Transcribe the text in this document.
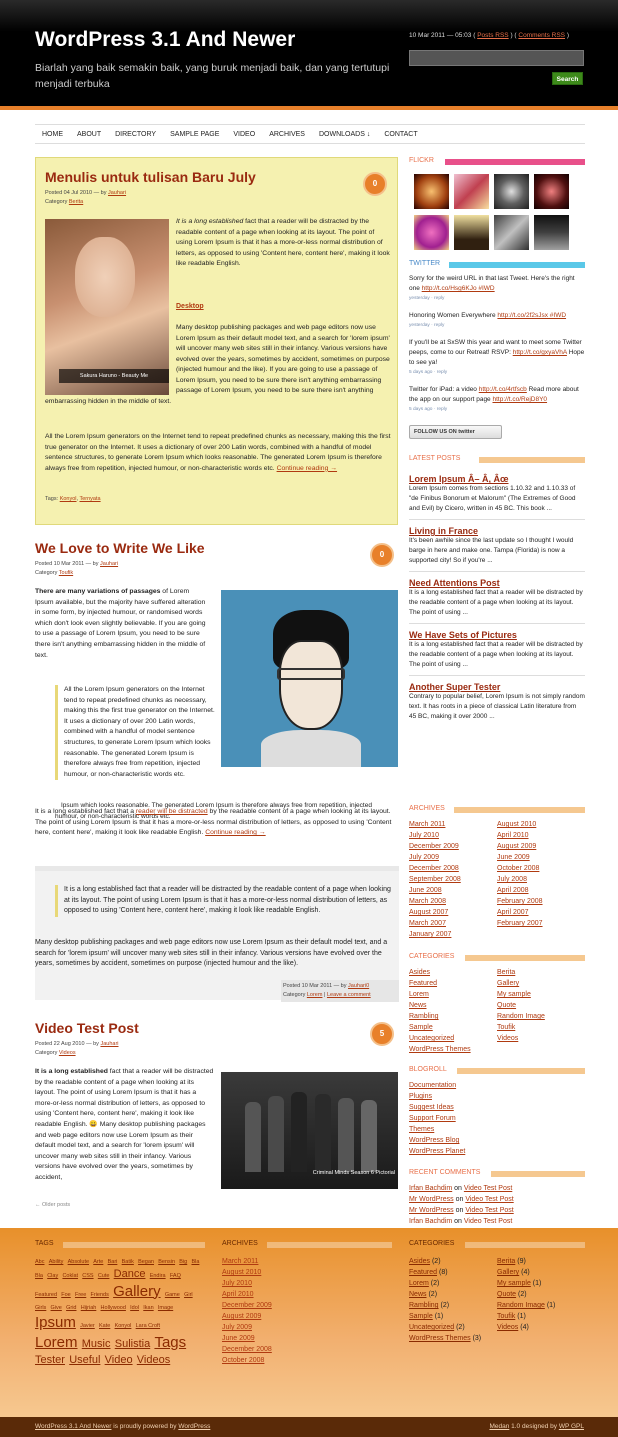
WordPress 3.1 And Newer
Biarlah yang baik semakin baik, yang buruk menjadi baik, dan yang tertutupi menjadi terbuka
10 Mar 2011 — 05:03 ( Posts RSS ) ( Comments RSS )
Search
HOME ABOUT DIRECTORY SAMPLE PAGE VIDEO ARCHIVES DOWNLOADS ↓ CONTACT
Menulis untuk tulisan Baru July	0
Posted 04 Jul 2010 — by Jauhari
Category Berita
Sakura Haruno - Beauty Me
It is a long established fact that a reader will be distracted by the readable content of a page when looking at its layout. The point of using Lorem Ipsum is that it has a more-or-less normal distribution of letters, as opposed to using 'Content here, content here', making it look like readable English.
Desktop
Many desktop publishing packages and web page editors now use Lorem Ipsum as their default model text, and a search for 'lorem ipsum' will uncover many web sites still in their infancy. Various versions have evolved over the years, sometimes by accident, sometimes on purpose (injected humour and the like). If you are going to use a passage of Lorem Ipsum, you need to be sure there isn't anything embarrassing
passage of Lorem Ipsum, you need to be sure there isn't anything embarrassing hidden in the middle of text.
All the Lorem Ipsum generators on the Internet tend to repeat predefined chunks as necessary, making this the first true generator on the Internet. It uses a dictionary of over 200 Latin words, combined with a handful of model sentence structures, to generate Lorem Ipsum which looks reasonable. The generated Lorem Ipsum is therefore always free from repetition, injected humour, or non-characteristic words etc. Continue reading →
Tags: Konyol, Ternyata
We Love to Write We Like	0
Posted 10 Mar 2011 — by Jauhari
Category Toufik
There are many variations of passages of Lorem Ipsum available, but the majority have suffered alteration in some form, by injected humour, or randomised words which don't look even slightly believable. If you are going to use a passage of Lorem Ipsum, you need to be sure there isn't anything embarrassing hidden in the middle of text.
All the Lorem Ipsum generators on the Internet tend to repeat predefined chunks as necessary, making this the first true generator on the Internet. It uses a dictionary of over 200 Latin words, combined with a handful of model sentence structures, to generate Lorem Ipsum which looks reasonable. The generated Lorem Ipsum is therefore always free from repetition, injected humour, or non-characteristic words etc.
Ipsum which looks reasonable. The generated Lorem Ipsum is therefore always free from repetition, injected humour, or non-characteristic words etc.
It is a long established fact that a reader will be distracted by the readable content of a page when looking at its layout. The point of using Lorem Ipsum is that it has a more-or-less normal distribution of letters, as opposed to using 'Content here, content here', making it look like readable English. Continue reading →
It is a long established fact that a reader will be distracted by the readable content of a page when looking at its layout. The point of using Lorem Ipsum is that it has a more-or-less normal distribution of letters, as opposed to using 'Content here, content here', making it look like readable English.
Many desktop publishing packages and web page editors now use Lorem Ipsum as their default model text, and a search for 'lorem ipsum' will uncover many web sites still in their infancy. Various versions have evolved over the years, sometimes by accident, sometimes on purpose (injected humour and the like).
Posted 10 Mar 2011 — by Jauhari0
Category Lorem | Leave a comment
Video Test Post	5
Posted 22 Aug 2010 — by Jauhari
Category Videos
It is a long established fact that a reader will be distracted by the readable content of a page when looking at its layout. The point of using Lorem Ipsum is that it has a more-or-less normal distribution of letters, as opposed to using 'Content here, content here', making it look like readable English. 😀 Many desktop publishing packages and web page editors now use Lorem Ipsum as their default model text, and a search for 'lorem ipsum' will uncover many web sites still in their infancy. Various versions have evolved over the years, sometimes by accident,
Criminal Minds Season 6 Pictorial
← Older posts
FLICKR
TWITTER
Sorry for the weird URL in that last Tweet. Here's the right one http://t.co/Hsg6KJo #IWD
yesterday · reply
Honoring Women Everywhere http://t.co/2f2sJsx #IWD
yesterday · reply
If you'll be at SxSW this year and want to meet some Twitter peeps, come to our Retreat! RSVP: http://t.co/gxyaVhA Hope to see ya!
5 days ago · reply
Twitter for iPad: a video http://t.co/4rtfscb Read more about the app on our support page http://t.co/RejD8Y0
5 days ago · reply
FOLLOW US ON twitter
LATEST POSTS
Lorem Ipsum Â– Â, Âœ
Lorem Ipsum comes from sections 1.10.32 and 1.10.33 of "de Finibus Bonorum et Malorum" (The Extremes of Good and Evil) by Cicero, written in 45 BC. This book ...
Living in France
It's been awhile since the last update so I thought I would barge in here and make one. Tampa (Florida) is now a supported city! So if you're ...
Need Attentions Post
It is a long established fact that a reader will be distracted by the readable content of a page when looking at its layout. The point of using ...
We Have Sets of Pictures
It is a long established fact that a reader will be distracted by the readable content of a page when looking at its layout. The point of using ...
Another Super Tester
Contrary to popular belief, Lorem Ipsum is not simply random text. It has roots in a piece of classical Latin literature from 45 BC, making it over 2000 ...
ARCHIVES
March 2011	August 2010
July 2010	April 2010
December 2009	August 2009
July 2009	June 2009
December 2008	October 2008
September 2008	July 2008
June 2008	April 2008
March 2008	February 2008
August 2007	April 2007
March 2007	February 2007
January 2007
CATEGORIES
Asides	Berita
Featured	Gallery
Lorem	My sample
News	Quote
Rambling	Random Image
Sample	Toufik
Uncategorized	Videos
WordPress Themes
BLOGROLL
Documentation
Plugins
Suggest Ideas
Support Forum
Themes
WordPress Blog
WordPress Planet
RECENT COMMENTS
Irfan Bachdim on Video Test Post
Mr WordPress on Video Test Post
Mr WordPress on Video Test Post
Irfan Bachdim on Video Test Post
TAGS
Abc Ability Absolute Arte Bari Batik Began Bensin Big Bla Bla Clay Coklat CSS Cute Dance Endira FAQ Featured Foe Free Friends Gallery Game Girl Girls Give Grid Hijriah Hollywood Idol Ikan Image Ipsum Javier Kate Konyol Lara Croft Lorem Music Sulistia Tags Tester Useful Video Videos
ARCHIVES
March 2011
August 2010
July 2010
April 2010
December 2009
August 2009
July 2009
June 2009
December 2008
October 2008
CATEGORIES
Asides (2)	Berita (9)
Featured (8)	Gallery (4)
Lorem (2)	My sample (1)
News (2)	Quote (2)
Rambling (2)	Random Image (1)
Sample (1)	Toufik (1)
Uncategorized (2)	Videos (4)
WordPress Themes (3)
WordPress 3.1 And Newer is proudly powered by WordPress	Medan 1.0 designed by WP GPL
